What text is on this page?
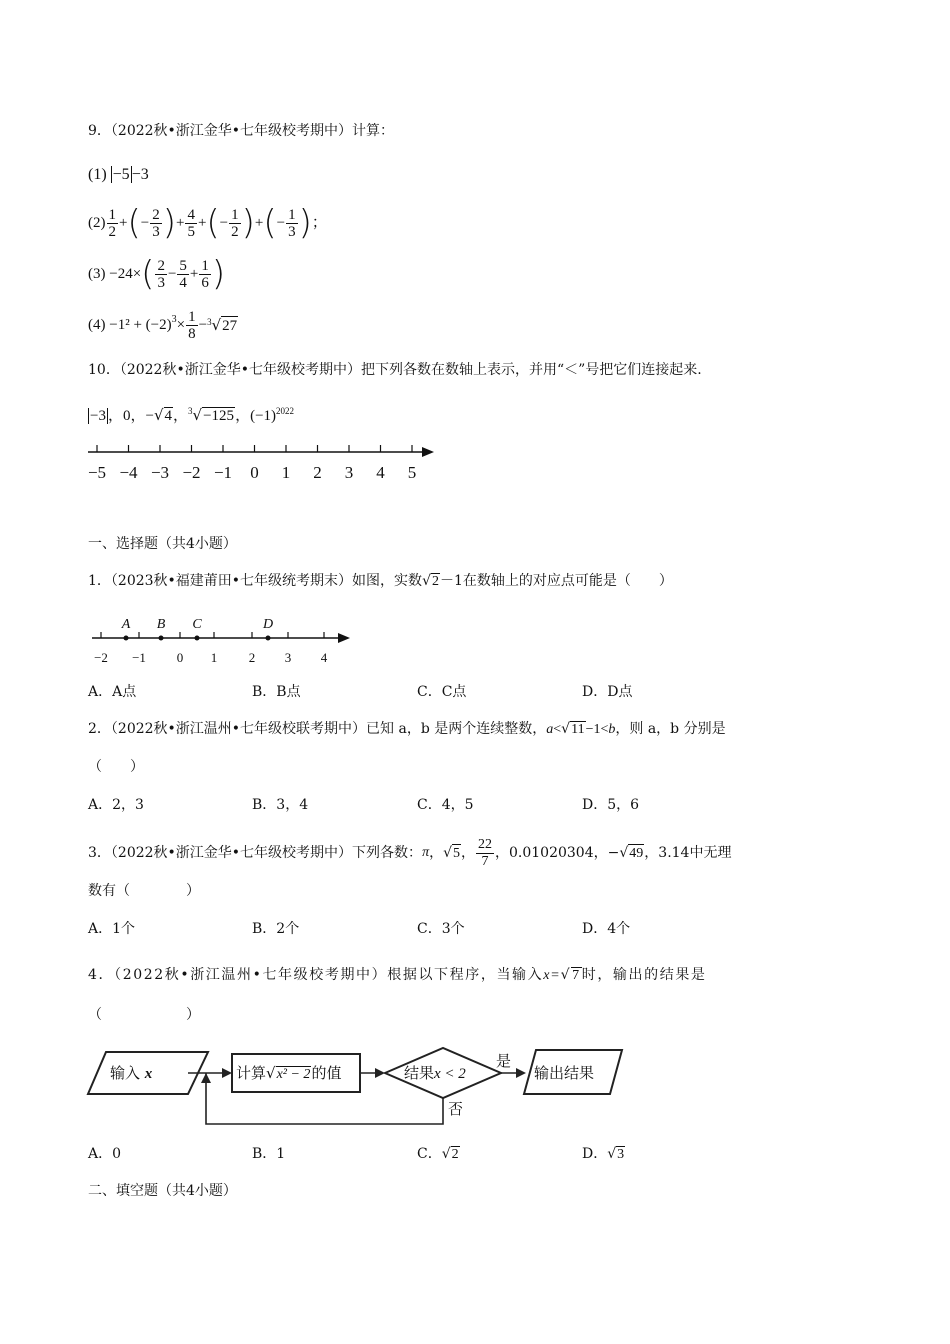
9．（2022秋•浙江金华•七年级校考期中）计算：
(1) −5 −3
$(2) \frac{1}{2}$ + ( − $\frac{2}{3}$ ) + $\frac{4}{5}$ + ( − $\frac{1}{2}$ ) + ( − $\frac{1}{3}$ ) ；
(3)
−24× ( $\frac{2}{3} - \frac{5}{4} + \frac{1}{6}$ )
(4)
−1² +
$(-2)^3 \times \frac{1}{8} -^3$ √ 27
10．（2022秋•浙江金华•七年级校考期中）把下列各数在数轴上表示，并用“＜”号把它们连接起来.
−3 ，0，−√4，$^3$√−125，$(-1)^{2022}$
−5 −4 −3 −2 −1 0 1 2 3 4 5
一、选择题（共4小题）
1．（2023秋•福建莆田•七年级统考期末）如图，实数√2－1在数轴上的对应点可能是（　　）
−2 −1 0 1 2 3 4
A B C	D
A．A点	B．B点	C．C点	D．D点
2．（2022秋•浙江温州•七年级校联考期中）已知 a，b 是两个连续整数，a<√11−1<b，则 a，b 分别是
（　　）
A．2，3	B．3，4	C．4，5	D．5，6
3．（2022秋•浙江金华•七年级校考期中）下列各数： π ， √ 5 ， $\frac{22}{7}$ ，0.01020304， − √ 49 ，3.14中无理
数有（　　　　）
A．1个	B．2个	C．3个	D．4个
4．（2022秋•浙江温州•七年级校考期中）根据以下程序，当输入x=√7时，输出的结果是
（　　　　　　）
输入 x	计算√x² − 2的值	结果x < 2
是
否
输出结果
A．0	B．1	C．√2	D．√3
二、填空题（共4小题）
